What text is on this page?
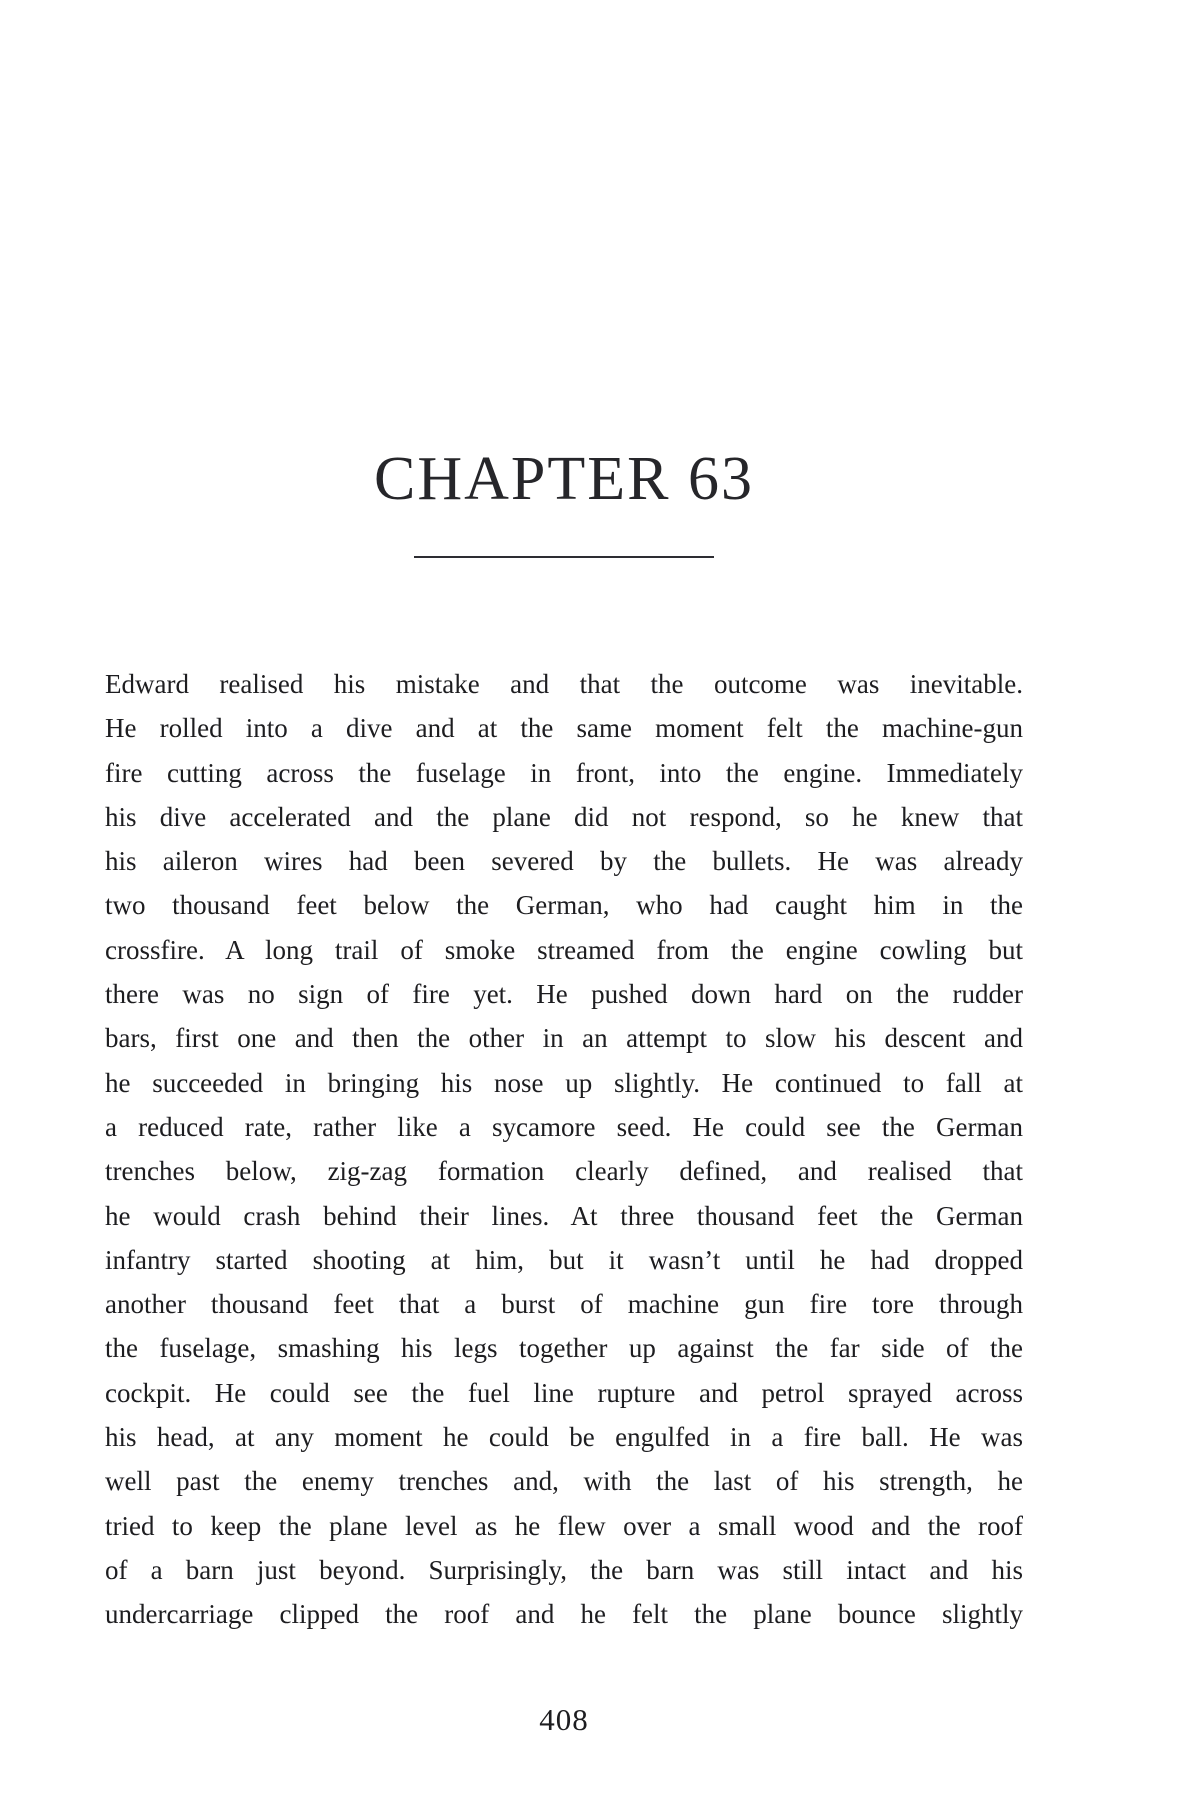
CHAPTER 63
Edward realised his mistake and that the outcome was inevitable.
He rolled into a dive and at the same moment felt the machine-gun
fire cutting across the fuselage in front, into the engine. Immediately
his dive accelerated and the plane did not respond, so he knew that
his aileron wires had been severed by the bullets. He was already
two thousand feet below the German, who had caught him in the
crossfire. A long trail of smoke streamed from the engine cowling but
there was no sign of fire yet. He pushed down hard on the rudder
bars, first one and then the other in an attempt to slow his descent and
he succeeded in bringing his nose up slightly. He continued to fall at
a reduced rate, rather like a sycamore seed. He could see the German
trenches below, zig-zag formation clearly defined, and realised that
he would crash behind their lines. At three thousand feet the German
infantry started shooting at him, but it wasn’t until he had dropped
another thousand feet that a burst of machine gun fire tore through
the fuselage, smashing his legs together up against the far side of the
cockpit. He could see the fuel line rupture and petrol sprayed across
his head, at any moment he could be engulfed in a fire ball. He was
well past the enemy trenches and, with the last of his strength, he
tried to keep the plane level as he flew over a small wood and the roof
of a barn just beyond. Surprisingly, the barn was still intact and his
undercarriage clipped the roof and he felt the plane bounce slightly
408
